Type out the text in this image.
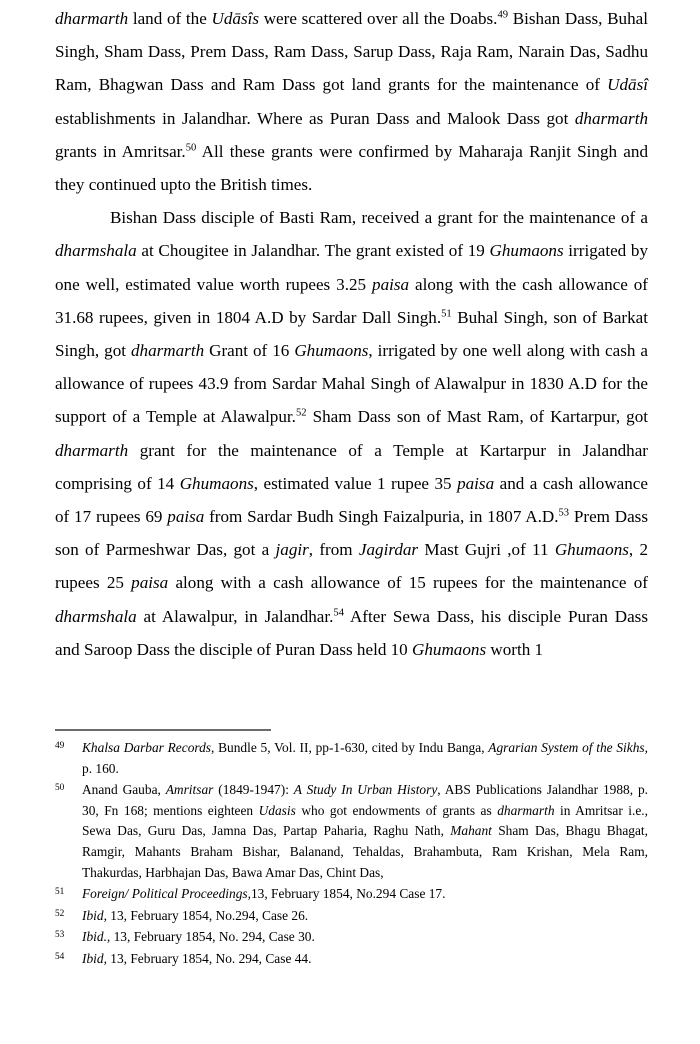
dharmarth land of the Udāsîs were scattered over all the Doabs.$^{49}$ Bishan Dass, Buhal Singh, Sham Dass, Prem Dass, Ram Dass, Sarup Dass, Raja Ram, Narain Das, Sadhu Ram, Bhagwan Dass and Ram Dass got land grants for the maintenance of Udāsî establishments in Jalandhar. Where as Puran Dass and Malook Dass got dharmarth grants in Amritsar.$^{50}$ All these grants were confirmed by Maharaja Ranjit Singh and they continued upto the British times.

Bishan Dass disciple of Basti Ram, received a grant for the maintenance of a dharmshala at Chougitee in Jalandhar. The grant existed of 19 Ghumaons irrigated by one well, estimated value worth rupees 3.25 paisa along with the cash allowance of 31.68 rupees, given in 1804 A.D by Sardar Dall Singh.$^{51}$ Buhal Singh, son of Barkat Singh, got dharmarth Grant of 16 Ghumaons, irrigated by one well along with cash a allowance of rupees 43.9 from Sardar Mahal Singh of Alawalpur in 1830 A.D for the support of a Temple at Alawalpur.$^{52}$ Sham Dass son of Mast Ram, of Kartarpur, got dharmarth grant for the maintenance of a Temple at Kartarpur in Jalandhar comprising of 14 Ghumaons, estimated value 1 rupee 35 paisa and a cash allowance of 17 rupees 69 paisa from Sardar Budh Singh Faizalpuria, in 1807 A.D.$^{53}$ Prem Dass son of Parmeshwar Das, got a jagir, from Jagirdar Mast Gujri ,of 11 Ghumaons, 2 rupees 25 paisa along with a cash allowance of 15 rupees for the maintenance of dharmshala at Alawalpur, in Jalandhar.$^{54}$ After Sewa Dass, his disciple Puran Dass and Saroop Dass the disciple of Puran Dass held 10 Ghumaons worth 1

49 Khalsa Darbar Records, Bundle 5, Vol. II, pp-1-630, cited by Indu Banga, Agrarian System of the Sikhs, p. 160.
50 Anand Gauba, Amritsar (1849-1947): A Study In Urban History, ABS Publications Jalandhar 1988, p. 30, Fn 168; mentions eighteen Udasis who got endowments of grants as dharmarth in Amritsar i.e., Sewa Das, Guru Das, Jamna Das, Partap Paharia, Raghu Nath, Mahant Sham Das, Bhagu Bhagat, Ramgir, Mahants Braham Bishar, Balanand, Tehaldas, Brahambuta, Ram Krishan, Mela Ram, Thakurdas, Harbhajan Das, Bawa Amar Das, Chint Das,
51 Foreign/ Political Proceedings,13, February 1854, No.294 Case 17.
52 Ibid, 13, February 1854, No.294, Case 26.
53 Ibid., 13, February 1854, No. 294, Case 30.
54 Ibid, 13, February 1854, No. 294, Case 44.
